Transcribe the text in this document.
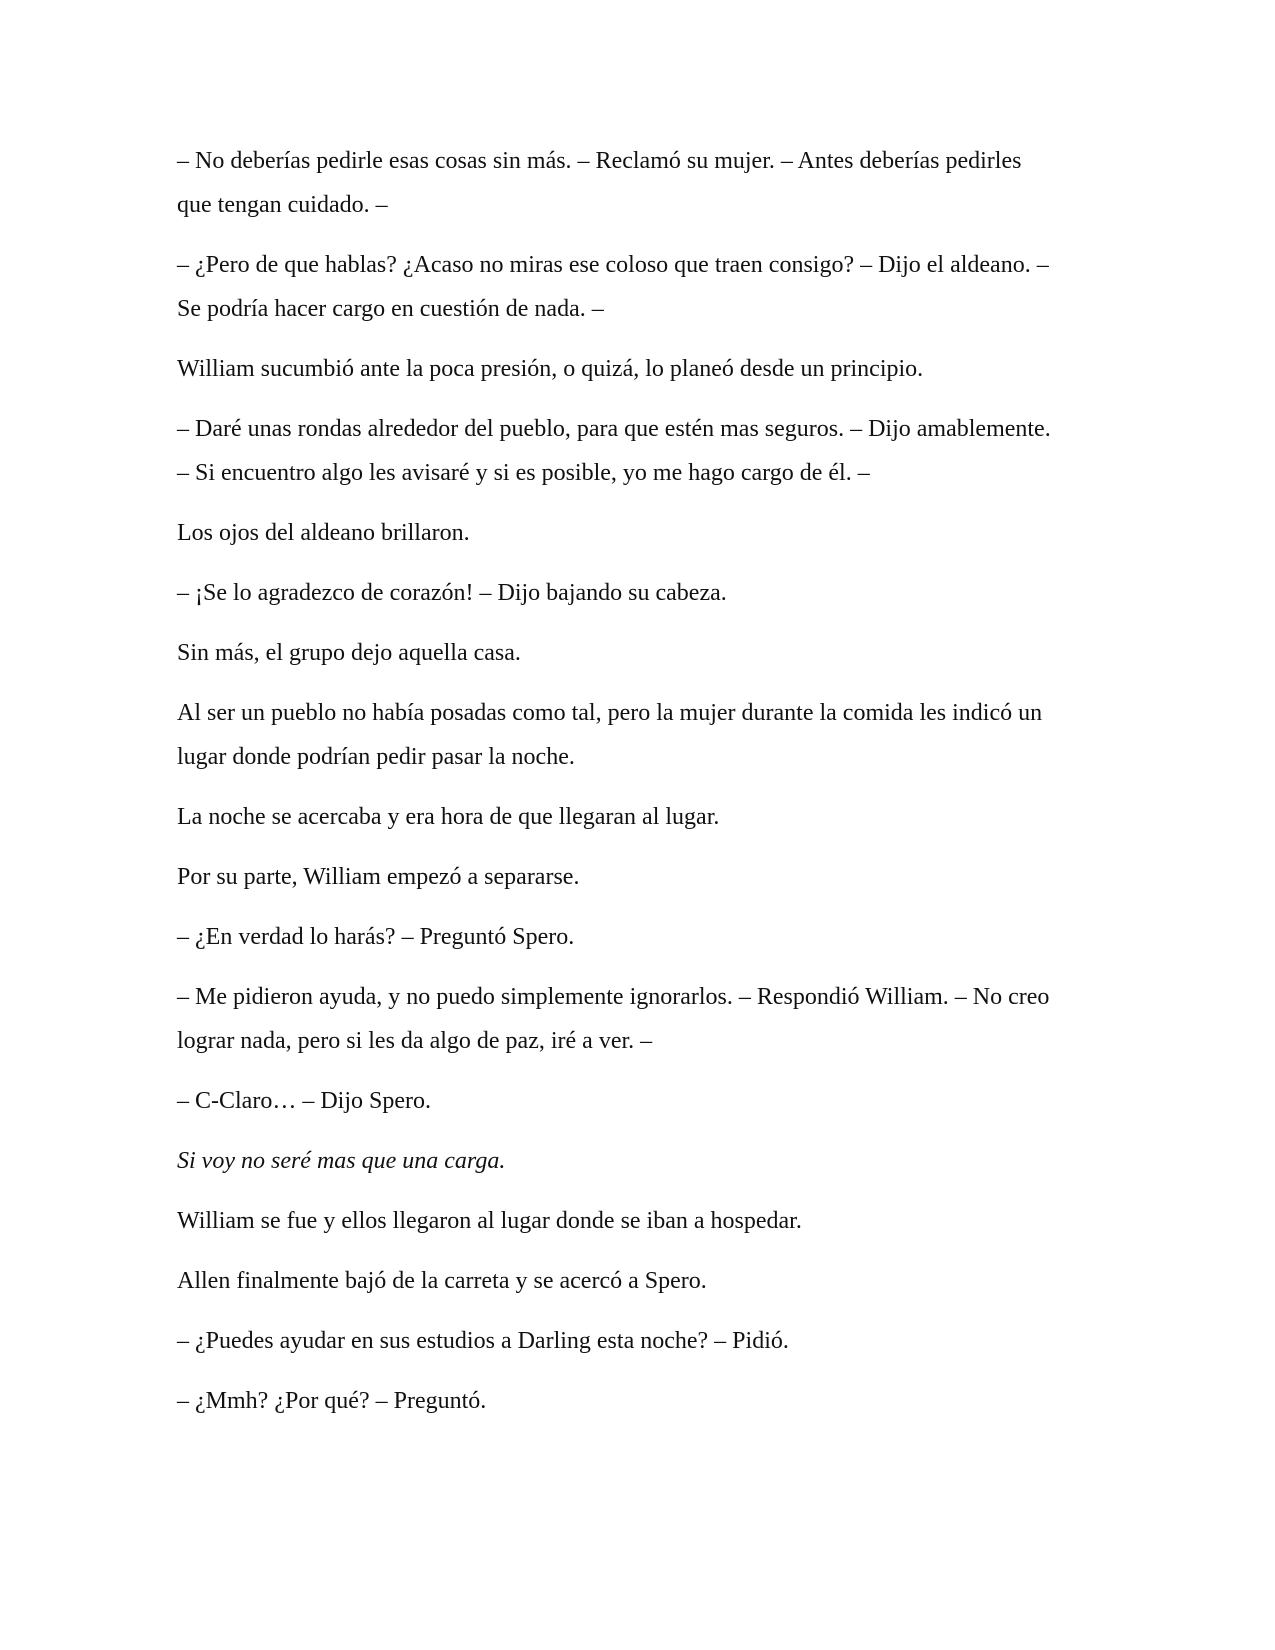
– No deberías pedirle esas cosas sin más. – Reclamó su mujer. – Antes deberías pedirles
que tengan cuidado. –

– ¿Pero de que hablas? ¿Acaso no miras ese coloso que traen consigo? – Dijo el aldeano. –
Se podría hacer cargo en cuestión de nada. –

William sucumbió ante la poca presión, o quizá, lo planeó desde un principio.

– Daré unas rondas alrededor del pueblo, para que estén mas seguros. – Dijo amablemente.
– Si encuentro algo les avisaré y si es posible, yo me hago cargo de él. –

Los ojos del aldeano brillaron.

– ¡Se lo agradezco de corazón! – Dijo bajando su cabeza.

Sin más, el grupo dejo aquella casa.

Al ser un pueblo no había posadas como tal, pero la mujer durante la comida les indicó un
lugar donde podrían pedir pasar la noche.

La noche se acercaba y era hora de que llegaran al lugar.

Por su parte, William empezó a separarse.

– ¿En verdad lo harás? – Preguntó Spero.

– Me pidieron ayuda, y no puedo simplemente ignorarlos. – Respondió William. – No creo
lograr nada, pero si les da algo de paz, iré a ver. –

– C-Claro… – Dijo Spero.

Si voy no seré mas que una carga.

William se fue y ellos llegaron al lugar donde se iban a hospedar.

Allen finalmente bajó de la carreta y se acercó a Spero.

– ¿Puedes ayudar en sus estudios a Darling esta noche? – Pidió.

– ¿Mmh? ¿Por qué? – Preguntó.
